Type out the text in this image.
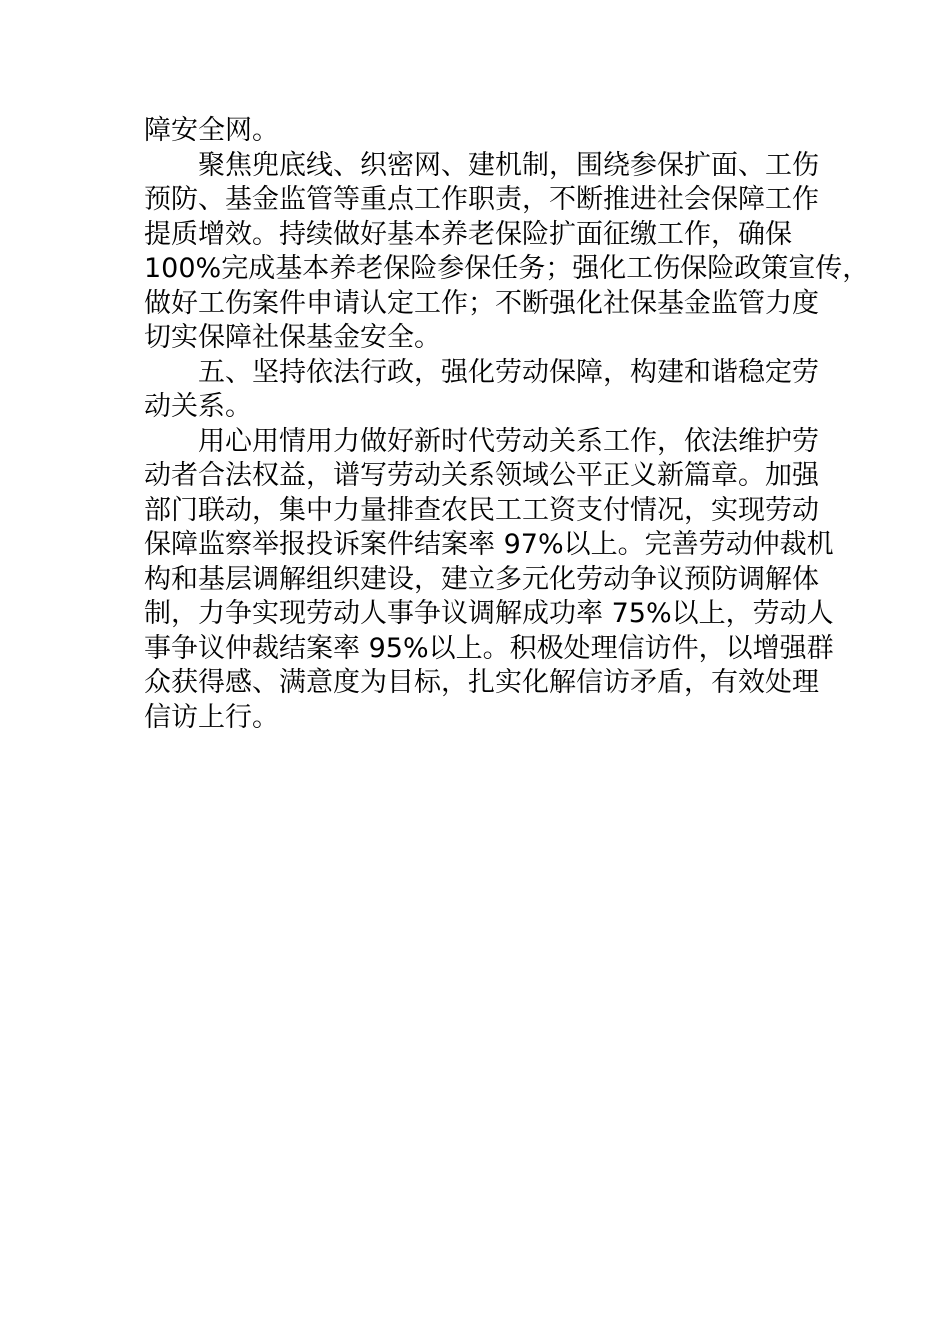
障安全网。
聚焦兜底线、织密网、建机制，围绕参保扩面、工伤
预防、基金监管等重点工作职责，不断推进社会保障工作
提质增效。持续做好基本养老保险扩面征缴工作，确保
100%完成基本养老保险参保任务；强化工伤保险政策宣传，
做好工伤案件申请认定工作；不断强化社保基金监管力度
切实保障社保基金安全。
五、坚持依法行政，强化劳动保障，构建和谐稳定劳
动关系。
用心用情用力做好新时代劳动关系工作，依法维护劳
动者合法权益，谱写劳动关系领域公平正义新篇章。加强
部门联动，集中力量排查农民工工资支付情况，实现劳动
保障监察举报投诉案件结案率 97%以上。完善劳动仲裁机
构和基层调解组织建设，建立多元化劳动争议预防调解体
制，力争实现劳动人事争议调解成功率 75%以上，劳动人
事争议仲裁结案率 95%以上。积极处理信访件，以增强群
众获得感、满意度为目标，扎实化解信访矛盾，有效处理
信访上行。
